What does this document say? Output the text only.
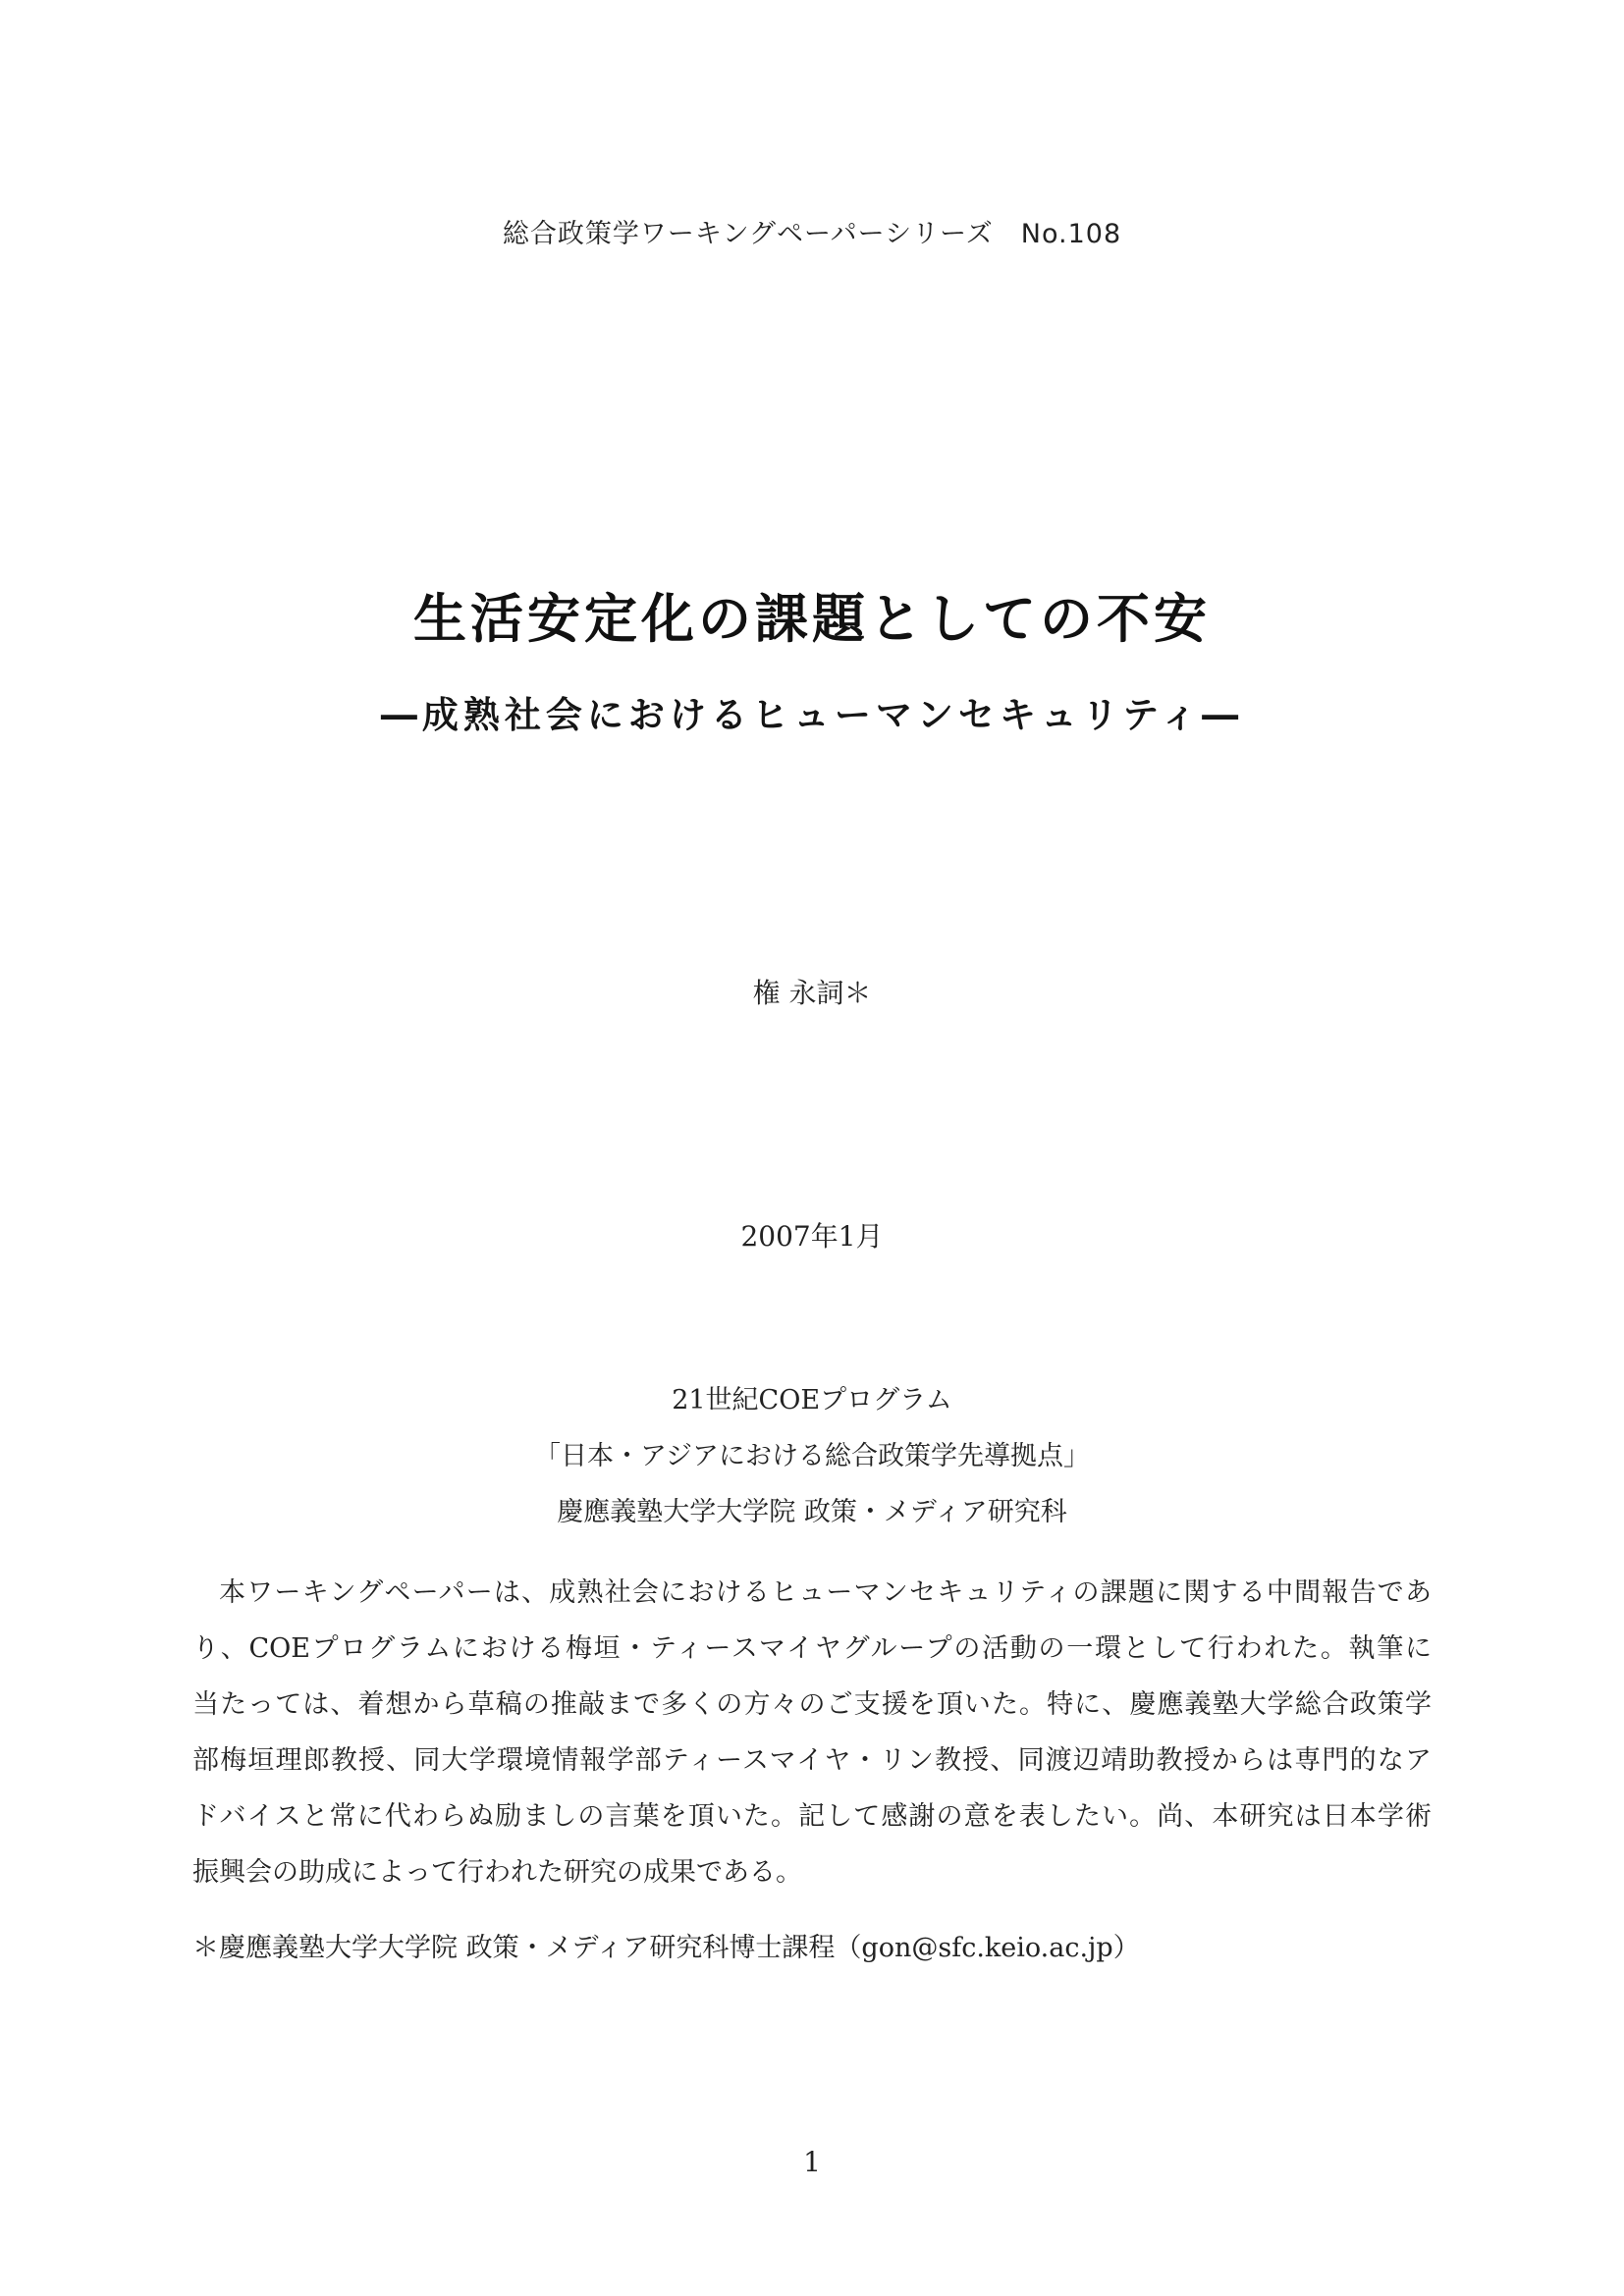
総合政策学ワーキングペーパーシリーズ　No.108
生活安定化の課題としての不安
―成熟社会におけるヒューマンセキュリティ―
権 永詞＊
2007年1月
21世紀COEプログラム
「日本・アジアにおける総合政策学先導拠点」
慶應義塾大学大学院 政策・メディア研究科
本ワーキングペーパーは、成熟社会におけるヒューマンセキュリティの課題に関する中間報告であ
り、COEプログラムにおける梅垣・ティースマイヤグループの活動の一環として行われた。執筆に
当たっては、着想から草稿の推敲まで多くの方々のご支援を頂いた。特に、慶應義塾大学総合政策学
部梅垣理郎教授、同大学環境情報学部ティースマイヤ・リン教授、同渡辺靖助教授からは専門的なア
ドバイスと常に代わらぬ励ましの言葉を頂いた。記して感謝の意を表したい。尚、本研究は日本学術
振興会の助成によって行われた研究の成果である。
＊慶應義塾大学大学院 政策・メディア研究科博士課程（gon@sfc.keio.ac.jp）
1
